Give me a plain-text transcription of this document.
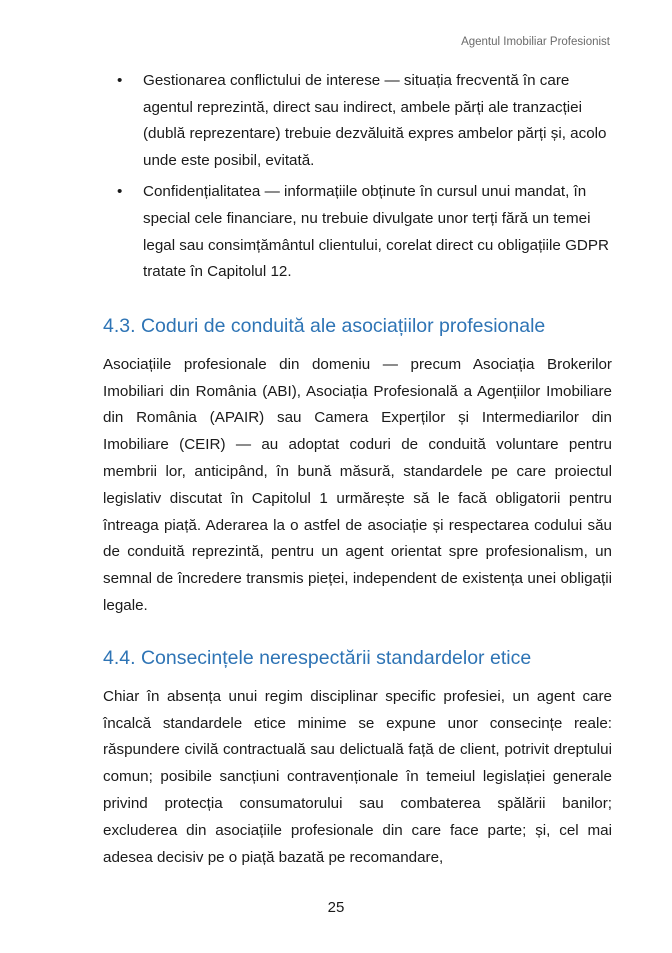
Agentul Imobiliar Profesionist
• Gestionarea conflictului de interese — situația frecventă în care agentul reprezintă, direct sau indirect, ambele părți ale tranzacției (dublă reprezentare) trebuie dezvăluită expres ambelor părți și, acolo unde este posibil, evitată.
• Confidențialitatea — informațiile obținute în cursul unui mandat, în special cele financiare, nu trebuie divulgate unor terți fără un temei legal sau consimțământul clientului, corelat direct cu obligațiile GDPR tratate în Capitolul 12.
4.3. Coduri de conduită ale asociațiilor profesionale

Asociațiile profesionale din domeniu — precum Asociația Brokerilor Imobiliari din România (ABI), Asociația Profesională a Agențiilor Imobiliare din România (APAIR) sau Camera Experților și Intermediarilor din Imobiliare (CEIR) — au adoptat coduri de conduită voluntare pentru membrii lor, anticipând, în bună măsură, standardele pe care proiectul legislativ discutat în Capitolul 1 urmărește să le facă obligatorii pentru întreaga piață. Aderarea la o astfel de asociație și respectarea codului său de conduită reprezintă, pentru un agent orientat spre profesionalism, un semnal de încredere transmis pieței, independent de existența unei obligații legale.

4.4. Consecințele nerespectării standardelor etice

Chiar în absența unui regim disciplinar specific profesiei, un agent care încalcă standardele etice minime se expune unor consecințe reale: răspundere civilă contractuală sau delictuală față de client, potrivit dreptului comun; posibile sancțiuni contravenționale în temeiul legislației generale privind protecția consumatorului sau combaterea spălării banilor; excluderea din asociațiile profesionale din care face parte; și, cel mai adesea decisiv pe o piață bazată pe recomandare,

25
